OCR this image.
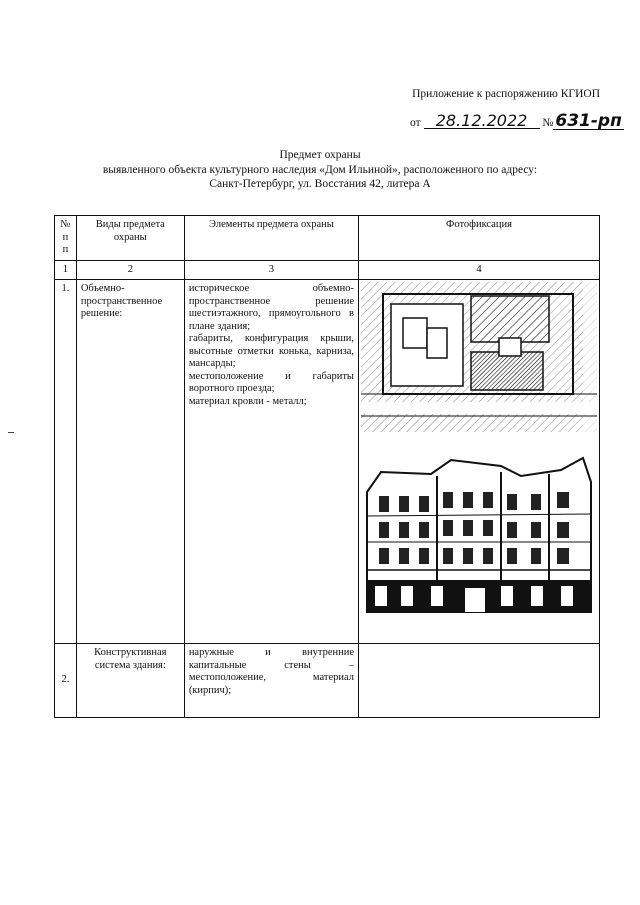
Приложение к распоряжению КГИОП
от 28.12.2022 № 631-рп
Предмет охраны
выявленного объекта культурного наследия «Дом Ильиной», расположенного по адресу:
Санкт-Петербург, ул. Восстания 42, литера А
№ п п	Виды предмета охраны	Элементы предмета охраны	Фотофиксация
1	2	3	4
1.	Объемно-пространственное решение:	историческое объемно-пространственное решение шестиэтажного, прямоугольного в плане здания;
габариты, конфигурация крыши, высотные отметки конька, карниза, мансарды;
местоположение и габариты воротного проезда;
материал кровли - металл;

2.	Конструктивная система здания:	наружные и внутренние капитальные стены – местоположение, материал (кирпич);	
